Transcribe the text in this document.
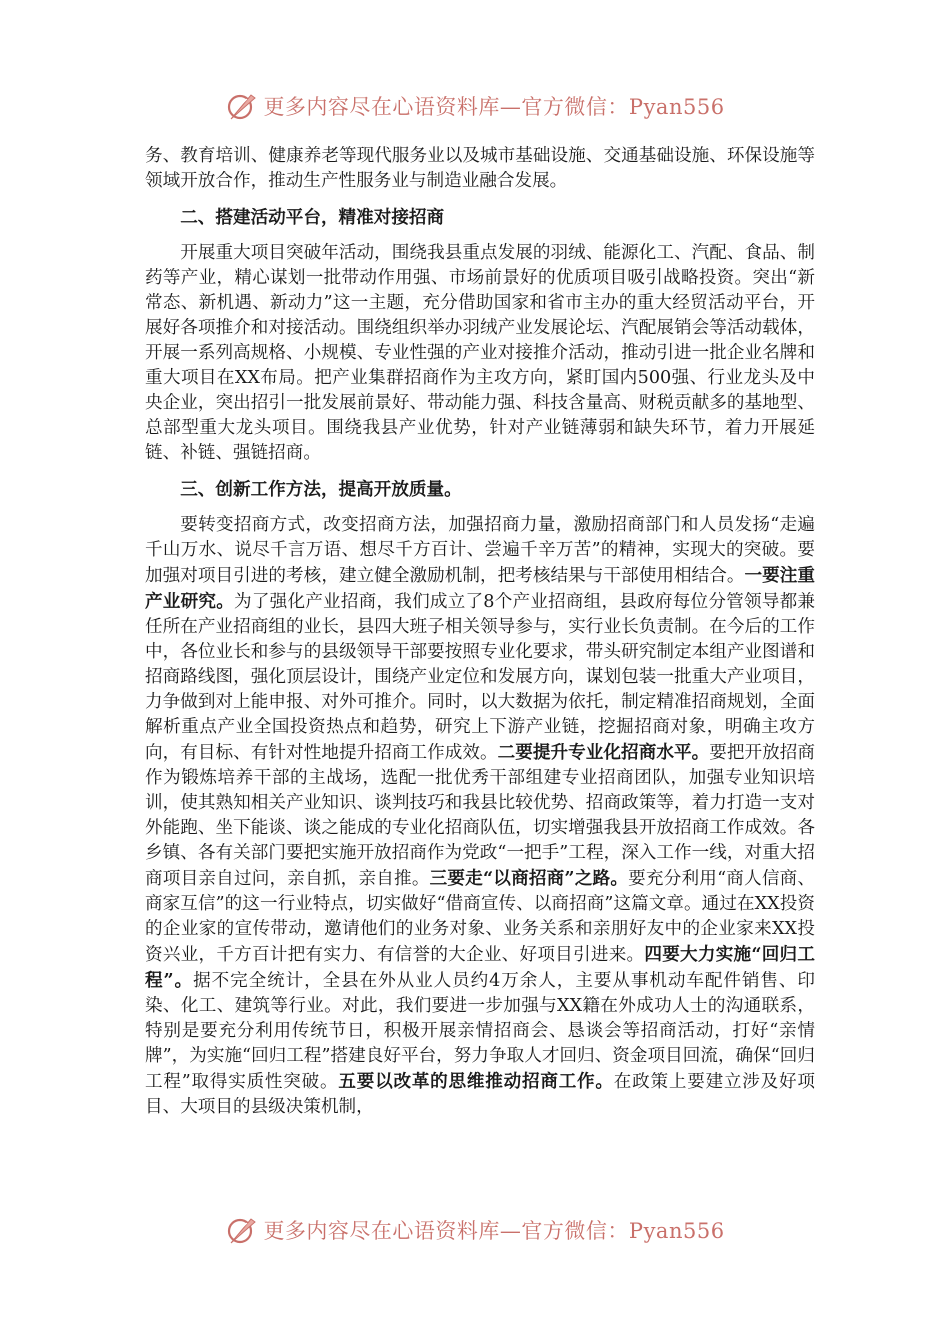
更多内容尽在心语资料库—官方微信：Pyan556

务、教育培训、健康养老等现代服务业以及城市基础设施、交通基础设施、环保设施等领域开放合作，推动生产性服务业与制造业融合发展。

二、搭建活动平台，精准对接招商

开展重大项目突破年活动，围绕我县重点发展的羽绒、能源化工、汽配、食品、制药等产业，精心谋划一批带动作用强、市场前景好的优质项目吸引战略投资。突出“新常态、新机遇、新动力”这一主题，充分借助国家和省市主办的重大经贸活动平台，开展好各项推介和对接活动。围绕组织举办羽绒产业发展论坛、汽配展销会等活动载体，开展一系列高规格、小规模、专业性强的产业对接推介活动，推动引进一批企业名牌和重大项目在XX布局。把产业集群招商作为主攻方向，紧盯国内500强、行业龙头及中央企业，突出招引一批发展前景好、带动能力强、科技含量高、财税贡献多的基地型、总部型重大龙头项目。围绕我县产业优势，针对产业链薄弱和缺失环节，着力开展延链、补链、强链招商。

三、创新工作方法，提高开放质量。

要转变招商方式，改变招商方法，加强招商力量，激励招商部门和人员发扬“走遍千山万水、说尽千言万语、想尽千方百计、尝遍千辛万苦”的精神，实现大的突破。要加强对项目引进的考核，建立健全激励机制，把考核结果与干部使用相结合。一要注重产业研究。为了强化产业招商，我们成立了8个产业招商组，县政府每位分管领导都兼任所在产业招商组的业长，县四大班子相关领导参与，实行业长负责制。在今后的工作中，各位业长和参与的县级领导干部要按照专业化要求，带头研究制定本组产业图谱和招商路线图，强化顶层设计，围绕产业定位和发展方向，谋划包装一批重大产业项目，力争做到对上能申报、对外可推介。同时，以大数据为依托，制定精准招商规划，全面解析重点产业全国投资热点和趋势，研究上下游产业链，挖掘招商对象，明确主攻方向，有目标、有针对性地提升招商工作成效。二要提升专业化招商水平。要把开放招商作为锻炼培养干部的主战场，选配一批优秀干部组建专业招商团队，加强专业知识培训，使其熟知相关产业知识、谈判技巧和我县比较优势、招商政策等，着力打造一支对外能跑、坐下能谈、谈之能成的专业化招商队伍，切实增强我县开放招商工作成效。各乡镇、各有关部门要把实施开放招商作为党政“一把手”工程，深入工作一线，对重大招商项目亲自过问，亲自抓，亲自推。三要走“以商招商”之路。要充分利用“商人信商、商家互信”的这一行业特点，切实做好“借商宣传、以商招商”这篇文章。通过在XX投资的企业家的宣传带动，邀请他们的业务对象、业务关系和亲朋好友中的企业家来XX投资兴业，千方百计把有实力、有信誉的大企业、好项目引进来。四要大力实施“回归工程”。据不完全统计，全县在外从业人员约4万余人，主要从事机动车配件销售、印染、化工、建筑等行业。对此，我们要进一步加强与XX籍在外成功人士的沟通联系，特别是要充分利用传统节日，积极开展亲情招商会、恳谈会等招商活动，打好“亲情牌”，为实施“回归工程”搭建良好平台，努力争取人才回归、资金项目回流，确保“回归工程”取得实质性突破。五要以改革的思维推动招商工作。在政策上要建立涉及好项目、大项目的县级决策机制，

更多内容尽在心语资料库—官方微信：Pyan556
